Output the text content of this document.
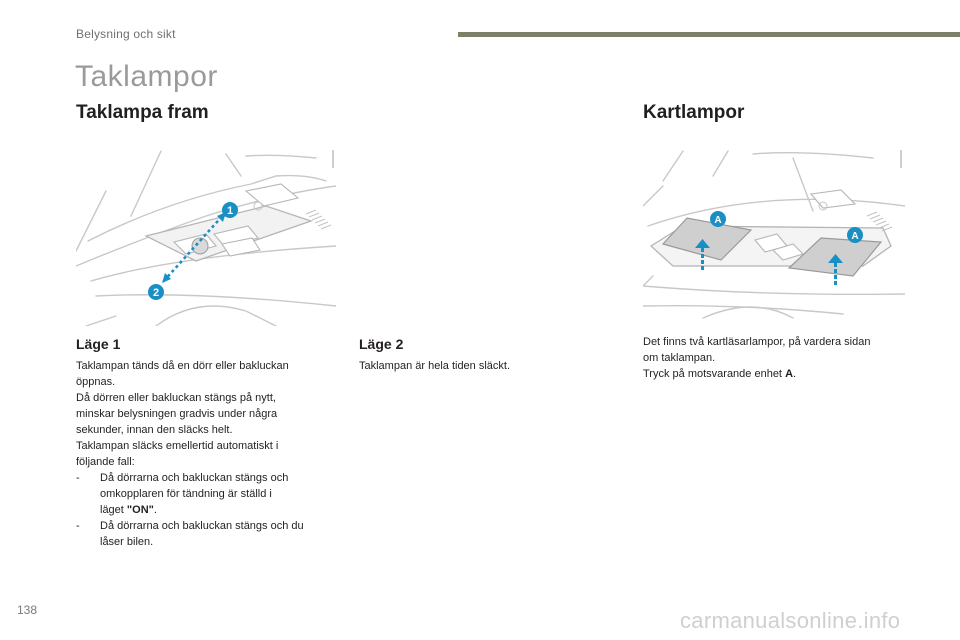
Belysning och sikt
Taklampor
Taklampa fram
1
2
Läge 1

Taklampan tänds då en dörr eller bakluckan

öppnas.

Då dörren eller bakluckan stängs på nytt,

minskar belysningen gradvis under några

sekunder, innan den släcks helt.

Taklampan släcks emellertid automatiskt i

följande fall:

-	Då dörrarna och bakluckan stängs och
omkopplaren för tändning är ställd i
läget "ON".
-	Då dörrarna och bakluckan stängs och du
låser bilen.
Läge 2
Taklampan är hela tiden släckt.
Kartlampor
A
A

Det finns två kartläsarlampor, på vardera sidan

om taklampan.

Tryck på motsvarande enhet A.

138	carmanualsonline.info
